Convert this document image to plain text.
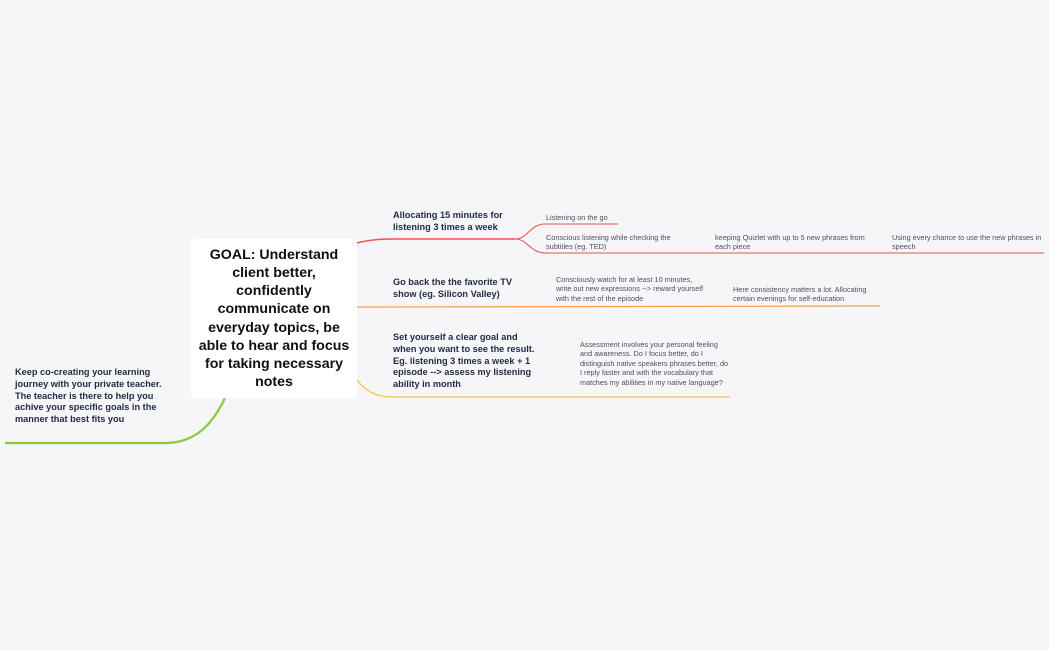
GOAL: Understand client better, confidently communicate on everyday topics, be able to hear and focus for taking necessary notes
Keep co-creating your learning journey with your private teacher. The teacher is there to help you achive your specific goals in the manner that best fits you
Allocating 15 minutes for listening 3 times a week
Listening on the go
Conscious listening while checking the subtitles (eg. TED)
keeping Quizlet with up to 5 new phrases from each piece
Using every chance to use the new phrases in speech
Go back the the favorite TV show (eg. Silicon Valley)
Consciously watch for at least 10 minutes, write out new expressions --> reward yourself with the rest of the episode
Here consistency matters a lot. Allocating certain evenings for self-education
Set yourself a clear goal and when you want to see the result. Eg. listening 3 times a week + 1 episode --> assess my listening ability in month
Assessment involves your personal feeling and awareness. Do I focus better, do I distinguish native speakers phrases better, do I reply faster and with the vocabulary that matches my abilities in my native language?
